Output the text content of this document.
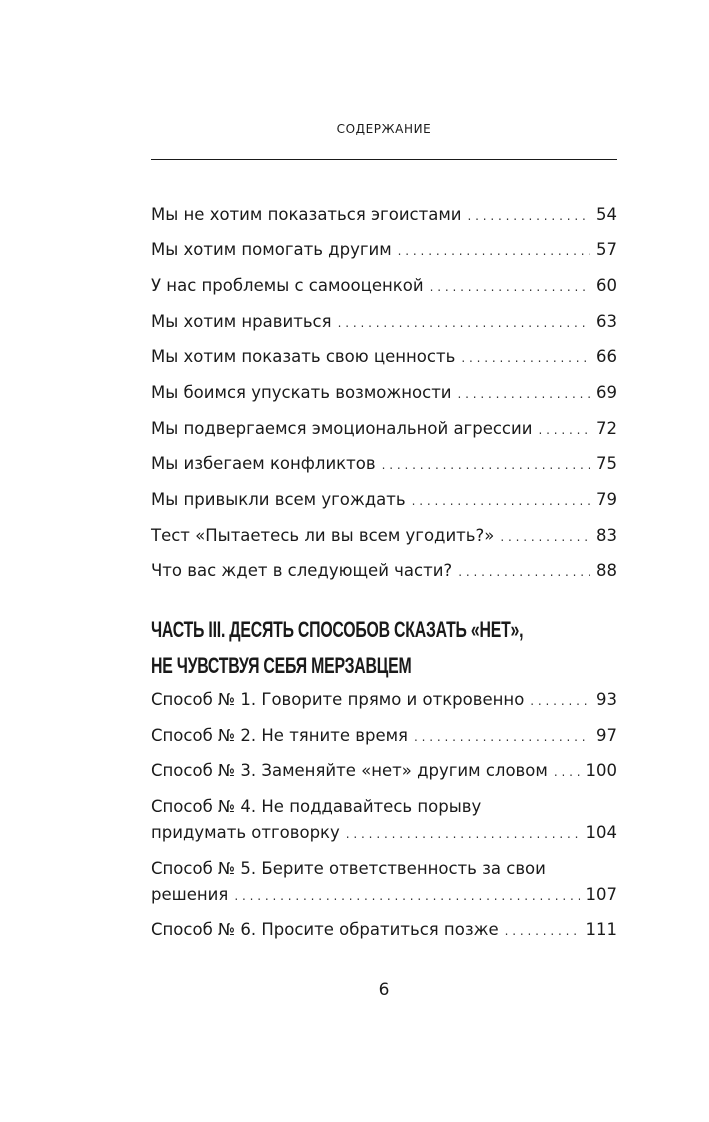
СОДЕРЖАНИЕ
Мы не хотим показаться эгоистами . . .	54
Мы хотим помогать другим . . .	57
У нас проблемы с самооценкой . . .	60
Мы хотим нравиться . . .	63
Мы хотим показать свою ценность . . .	66
Мы боимся упускать возможности . . .	69
Мы подвергаемся эмоциональной агрессии . . .	72
Мы избегаем конфликтов . . .	75
Мы привыкли всем угождать . . .	79
Тест «Пытаетесь ли вы всем угодить?» . . .	83
Что вас ждет в следующей части? . . .	88
ЧАСТЬ III. ДЕСЯТЬ СПОСОБОВ СКАЗАТЬ «НЕТ»,
НЕ ЧУВСТВУЯ СЕБЯ МЕРЗАВЦЕМ
Способ № 1. Говорите прямо и откровенно . . .	93
Способ № 2. Не тяните время . . .	97
Способ № 3. Заменяйте «нет» другим словом . . . 100
Способ № 4. Не поддавайтесь порыву
придумать отговорку . . .	104
Способ № 5. Берите ответственность за свои
решения . . .	107
Способ № 6. Просите обратиться позже . . .	111
6
